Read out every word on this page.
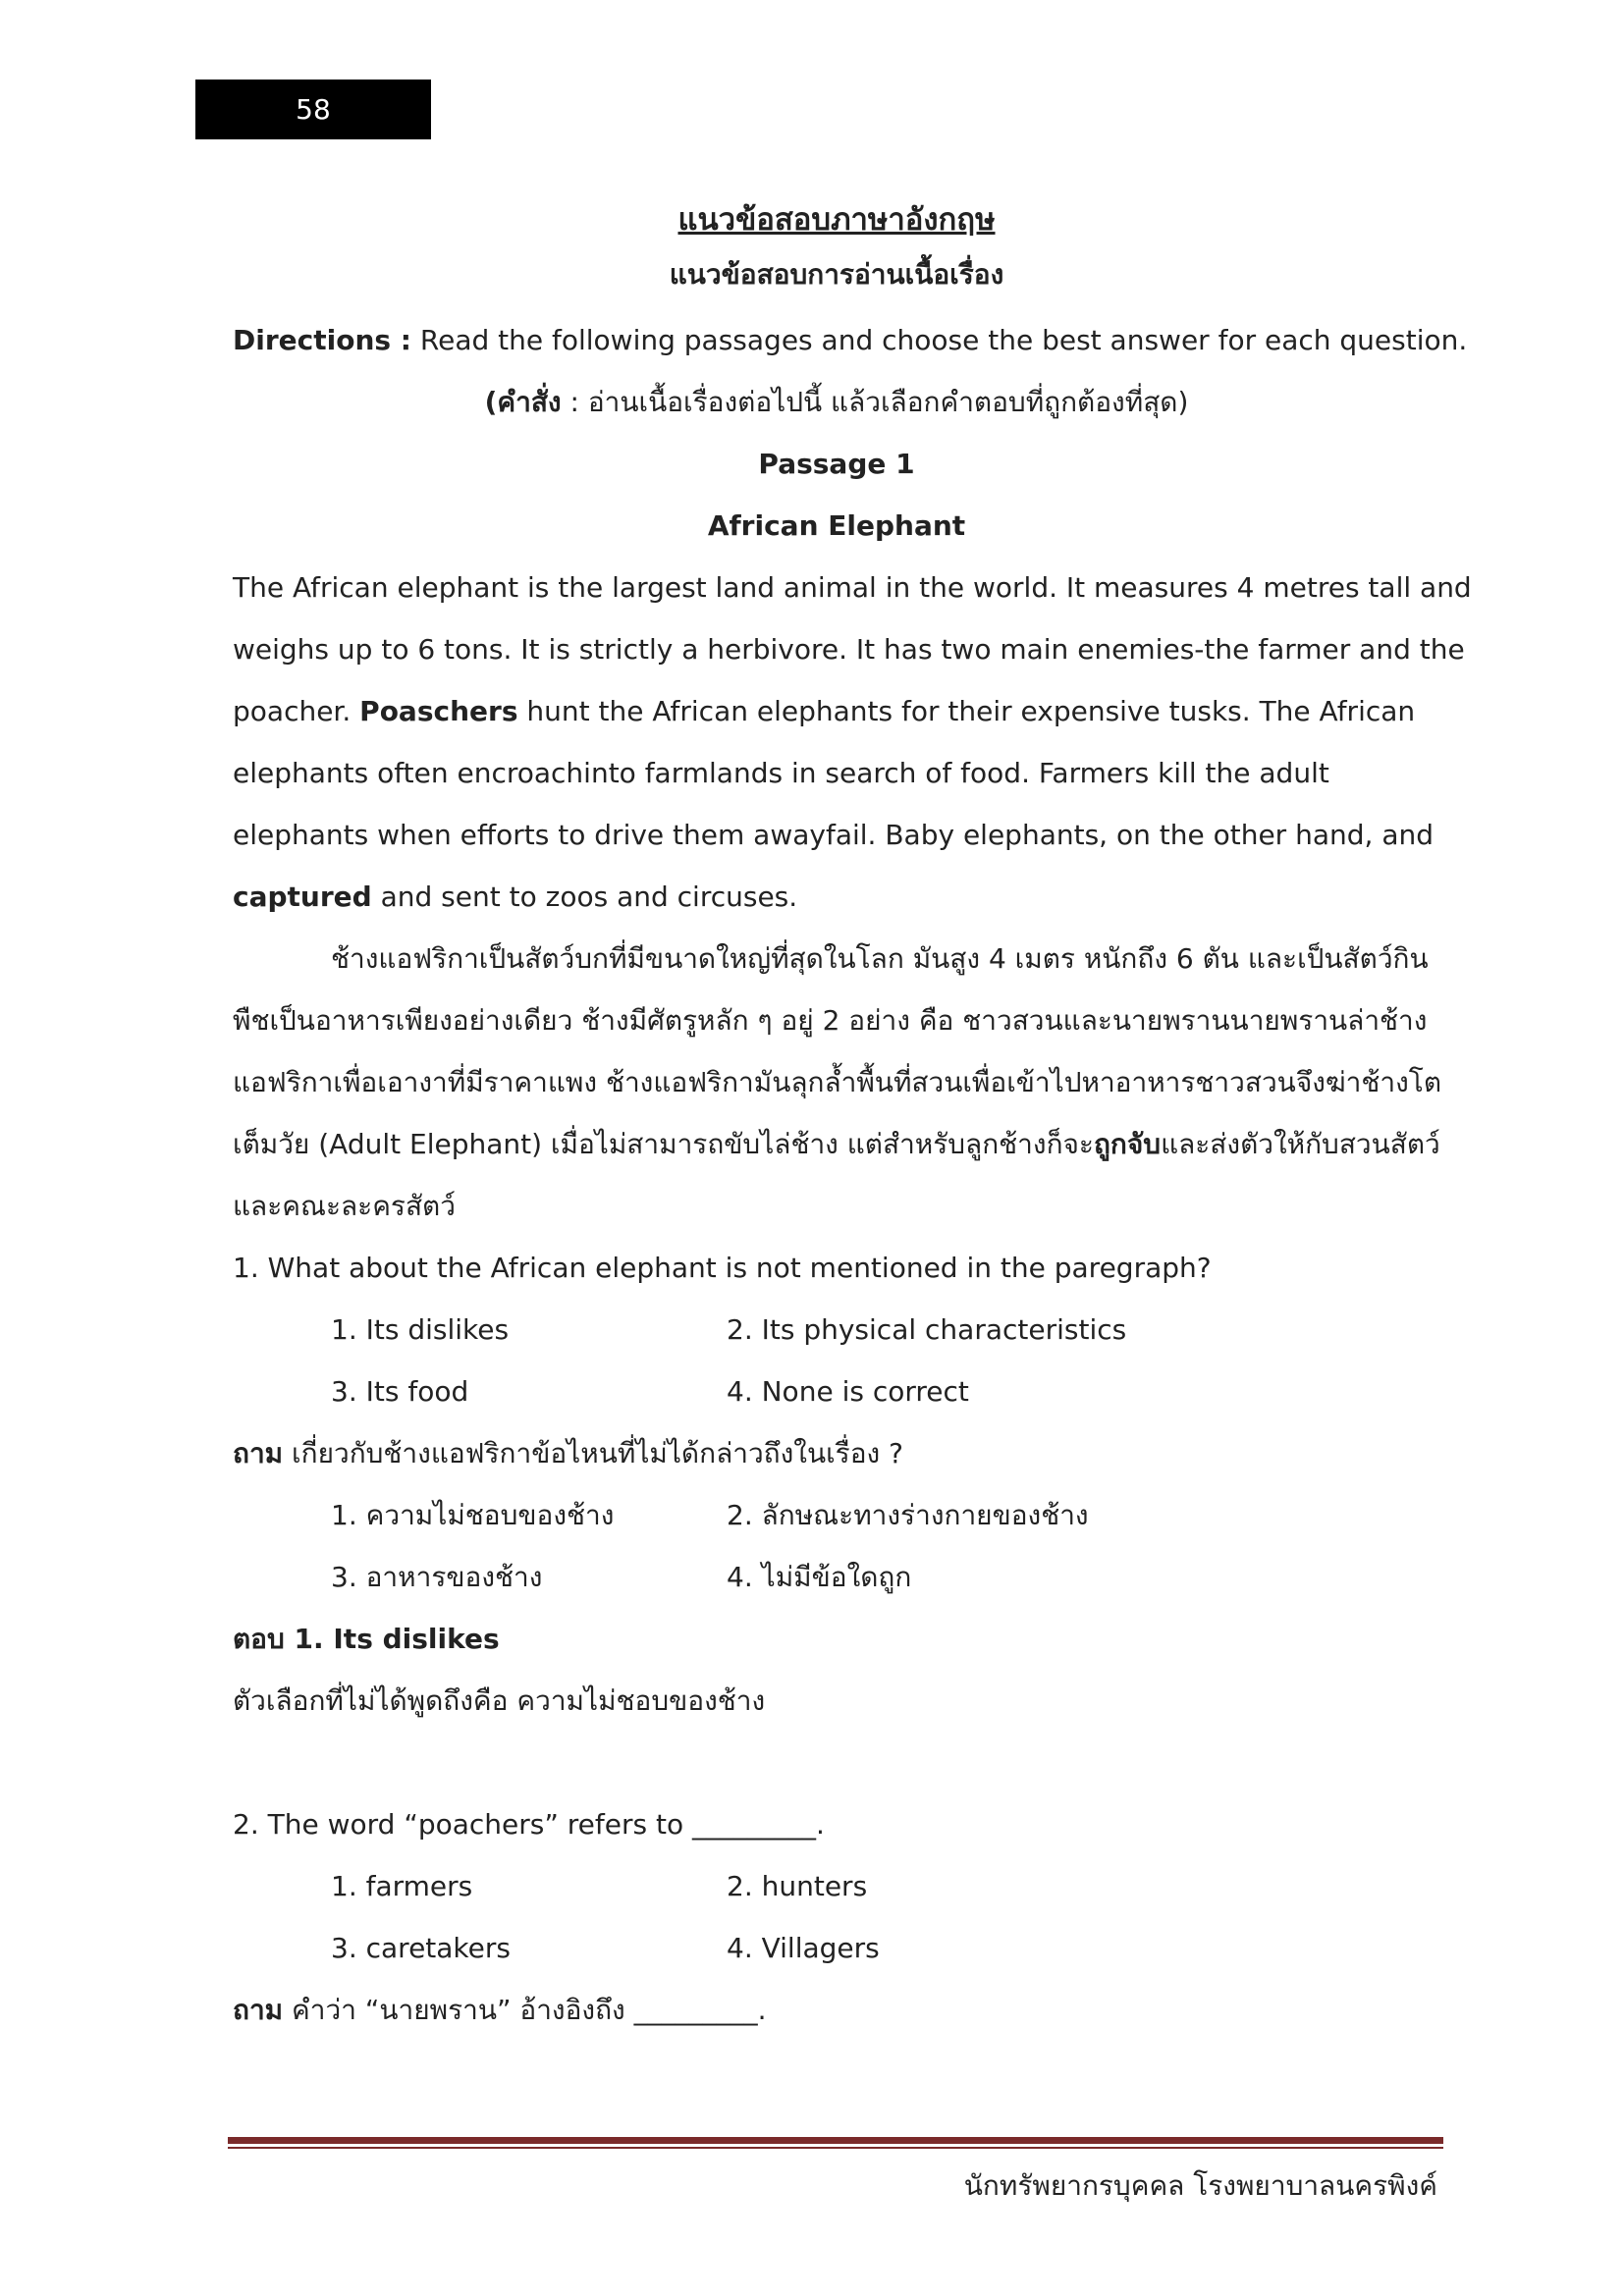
58
แนวข้อสอบภาษาอังกฤษ
แนวข้อสอบการอ่านเนื้อเรื่อง

Directions : Read the following passages and choose the best answer for each question.

(คำสั่ง : อ่านเนื้อเรื่องต่อไปนี้ แล้วเลือกคำตอบที่ถูกต้องที่สุด)

Passage 1

African Elephant

The African elephant is the largest land animal in the world. It measures 4 metres tall and

weighs up to 6 tons. It is strictly a herbivore. It has two main enemies-the farmer and the

poacher. Poaschers hunt the African elephants for their expensive tusks. The African

elephants often encroachinto farmlands in search of food. Farmers kill the adult

elephants when efforts to drive them awayfail. Baby elephants, on the other hand, and

captured and sent to zoos and circuses.

ช้างแอฟริกาเป็นสัตว์บกที่มีขนาดใหญ่ที่สุดในโลก มันสูง 4 เมตร หนักถึง 6 ตัน และเป็นสัตว์กิน

พืชเป็นอาหารเพียงอย่างเดียว ช้างมีศัตรูหลัก ๆ อยู่ 2 อย่าง คือ ชาวสวนและนายพรานนายพรานล่าช้าง

แอฟริกาเพื่อเอางาที่มีราคาแพง ช้างแอฟริกามันลุกล้ำพื้นที่สวนเพื่อเข้าไปหาอาหารชาวสวนจึงฆ่าช้างโต

เต็มวัย (Adult Elephant) เมื่อไม่สามารถขับไล่ช้าง แต่สำหรับลูกช้างก็จะถูกจับและส่งตัวให้กับสวนสัตว์

และคณะละครสัตว์

1. What about the African elephant is not mentioned in the paregraph?

1. Its dislikes	2. Its physical characteristics
3. Its food	4. None is correct

ถาม เกี่ยวกับช้างแอฟริกาข้อไหนที่ไม่ได้กล่าวถึงในเรื่อง ?

1. ความไม่ชอบของช้าง	2. ลักษณะทางร่างกายของช้าง
3. อาหารของช้าง	4. ไม่มีข้อใดถูก

ตอบ 1. Its dislikes

ตัวเลือกที่ไม่ได้พูดถึงคือ ความไม่ชอบของช้าง

2. The word “poachers” refers to _________.

1. farmers	2. hunters
3. caretakers	4. Villagers

ถาม คำว่า “นายพราน” อ้างอิงถึง _________.

นักทรัพยากรบุคคล โรงพยาบาลนครพิงค์
